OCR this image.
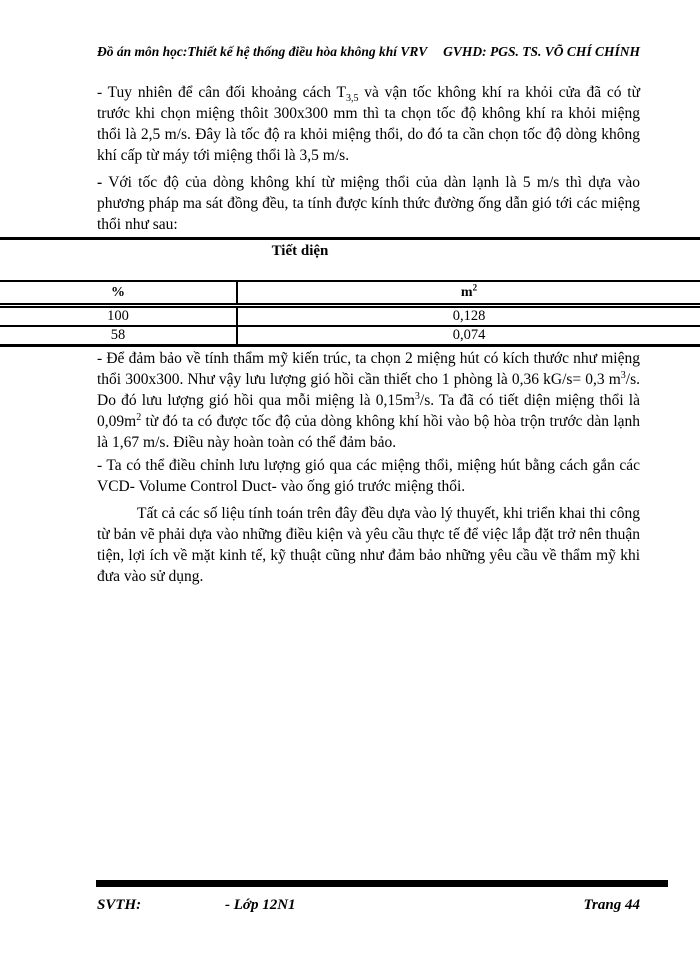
Đồ án môn học:Thiết kế hệ thống điều hòa không khí VRV GVHD: PGS. TS. VÕ CHÍ CHÍNH
- Tuy nhiên để cân đối khoảng cách $T_{3,5}$ và vận tốc không khí ra khỏi cửa đã có từ trước khi chọn miệng thôit 300x300 mm thì ta chọn tốc độ không khí ra khỏi miệng thổi là 2,5 m/s. Đây là tốc độ ra khỏi miệng thổi, do đó ta cần chọn tốc độ dòng không khí cấp từ máy tới miệng thổi là 3,5 m/s.
- Với tốc độ của dòng không khí từ miệng thổi của dàn lạnh là 5 m/s thì dựa vào phương pháp ma sát đồng đều, ta tính được kính thức đường ống dẫn gió tới các miệng thổi như sau:
Tiết diện	
%	$m^2$
100	0,128
58	0,074
- Để đảm bảo về tính thẩm mỹ kiến trúc, ta chọn 2 miệng hút có kích thước như miệng thổi 300x300. Như vậy lưu lượng gió hồi cần thiết cho 1 phòng là 0,36 kG/s= 0,3 $m^3/s$. Do đó lưu lượng gió hồi qua mỗi miệng là $0,15m^3/s$. Ta đã có tiết diện miệng thổi là $0,09m^2$ từ đó ta có được tốc độ của dòng không khí hồi vào bộ hòa trộn trước dàn lạnh là 1,67 m/s. Điều này hoàn toàn có thể đảm bảo.
- Ta có thể điều chỉnh lưu lượng gió qua các miệng thổi, miệng hút bằng cách gắn các VCD- Volume Control Duct- vào ống gió trước miệng thổi.
Tất cả các số liệu tính toán trên đây đều dựa vào lý thuyết, khi triển khai thi công từ bản vẽ phải dựa vào những điều kiện và yêu cầu thực tế để việc lắp đặt trở nên thuận tiện, lợi ích về mặt kinh tế, kỹ thuật cũng như đảm bảo những yêu cầu về thẩm mỹ khi đưa vào sử dụng.
SVTH:	- Lớp 12N1	Trang 44
